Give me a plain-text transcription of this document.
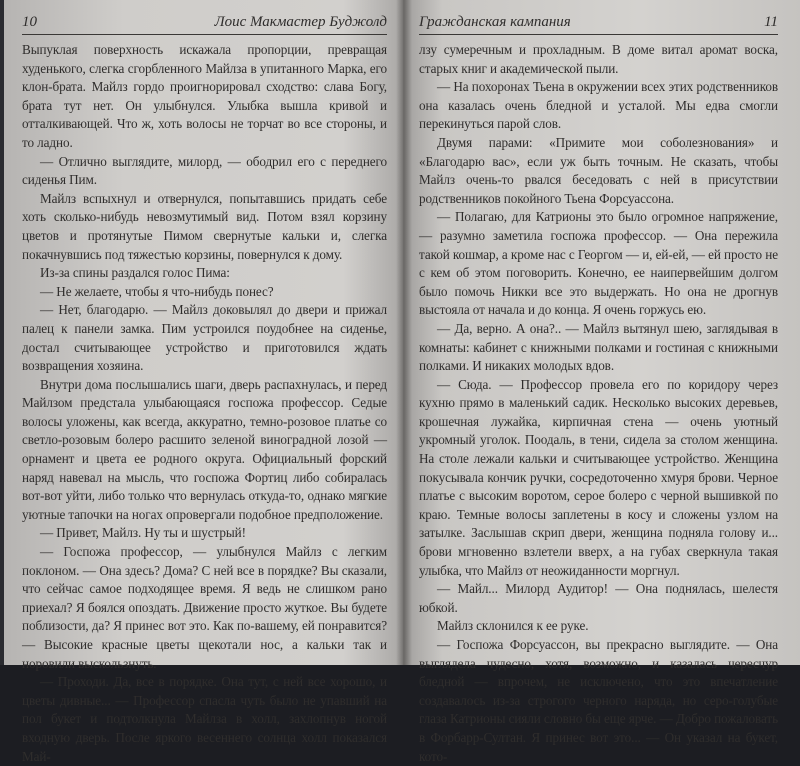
10	Лоис Макмастер Буджолд

Выпуклая поверхность искажала пропорции, превращая худенького, слегка сгорбленного Майлза в упитанного Марка, его клон-брата. Майлз гордо проигнорировал сходство: слава Богу, брата тут нет. Он улыбнулся. Улыбка вышла кривой и отталкивающей. Что ж, хоть волосы не торчат во все стороны, и то ладно.

— Отлично выглядите, милорд, — ободрил его с переднего сиденья Пим.

Майлз вспыхнул и отвернулся, попытавшись придать себе хоть сколько-нибудь невозмутимый вид. Потом взял корзину цветов и протянутые Пимом свернутые кальки и, слегка покачнувшись под тяжестью корзины, повернулся к дому.

Из-за спины раздался голос Пима:

— Не желаете, чтобы я что-нибудь понес?

— Нет, благодарю. — Майлз доковылял до двери и прижал палец к панели замка. Пим устроился поудобнее на сиденье, достал считывающее устройство и приготовился ждать возвращения хозяина.

Внутри дома послышались шаги, дверь распахнулась, и перед Майлзом предстала улыбающаяся госпожа профессор. Седые волосы уложены, как всегда, аккуратно, темно-розовое платье со светло-розовым болеро расшито зеленой виноградной лозой — орнамент и цвета ее родного округа. Официальный форский наряд навевал на мысль, что госпожа Фортиц либо собиралась вот-вот уйти, либо только что вернулась откуда-то, однако мягкие уютные тапочки на ногах опровергали подобное предположение.

— Привет, Майлз. Ну ты и шустрый!

— Госпожа профессор, — улыбнулся Майлз с легким поклоном. — Она здесь? Дома? С ней все в порядке? Вы сказали, что сейчас самое подходящее время. Я ведь не слишком рано приехал? Я боялся опоздать. Движение просто жуткое. Вы будете поблизости, да? Я принес вот это. Как по-вашему, ей понравится? — Высокие красные цветы щекотали нос, а кальки так и норовили выскользнуть.

— Проходи. Да, все в порядке. Она тут, с ней все хорошо, и цветы дивные... — Профессор спасла чуть было не упавший на пол букет и подтолкнула Майлза в холл, захлопнув ногой входную дверь. После яркого весеннего солнца холл показался Май-

Гражданская кампания	11

лзу сумеречным и прохладным. В доме витал аромат воска, старых книг и академической пыли.

— На похоронах Тьена в окружении всех этих родственников она казалась очень бледной и усталой. Мы едва смогли перекинуться парой слов.

Двумя парами: «Примите мои соболезнования» и «Благодарю вас», если уж быть точным. Не сказать, чтобы Майлз очень-то рвался беседовать с ней в присутствии родственников покойного Тьена Форсуассона.

— Полагаю, для Катрионы это было огромное напряжение, — разумно заметила госпожа профессор. — Она пережила такой кошмар, а кроме нас с Георгом — и, ей-ей, — ей просто не с кем об этом поговорить. Конечно, ее наипервейшим долгом было помочь Никки все это выдержать. Но она не дрогнув выстояла от начала и до конца. Я очень горжусь ею.

— Да, верно. А она?.. — Майлз вытянул шею, заглядывая в комнаты: кабинет с книжными полками и гостиная с книжными полками. И никаких молодых вдов.

— Сюда. — Профессор провела его по коридору через кухню прямо в маленький садик. Несколько высоких деревьев, крошечная лужайка, кирпичная стена — очень уютный укромный уголок. Поодаль, в тени, сидела за столом женщина. На столе лежали кальки и считывающее устройство. Женщина покусывала кончик ручки, сосредоточенно хмуря брови. Черное платье с высоким воротом, серое болеро с черной вышивкой по краю. Темные волосы заплетены в косу и сложены узлом на затылке. Заслышав скрип двери, женщина подняла голову и... брови мгновенно взлетели вверх, а на губах сверкнула такая улыбка, что Майлз от неожиданности моргнул.

— Майл... Милорд Аудитор! — Она поднялась, шелестя юбкой.

Майлз склонился к ее руке.

— Госпожа Форсуассон, вы прекрасно выглядите. — Она выглядела чудесно, хотя, возможно, и казалась чересчур бледной — впрочем, не исключено, что это впечатление создавалось из-за строгого черного наряда, но серо-голубые глаза Катрионы сияли словно бы еще ярче. — Добро пожаловать в Форбарр-Султан. Я принес вот это... — Он указал на букет, кото-
